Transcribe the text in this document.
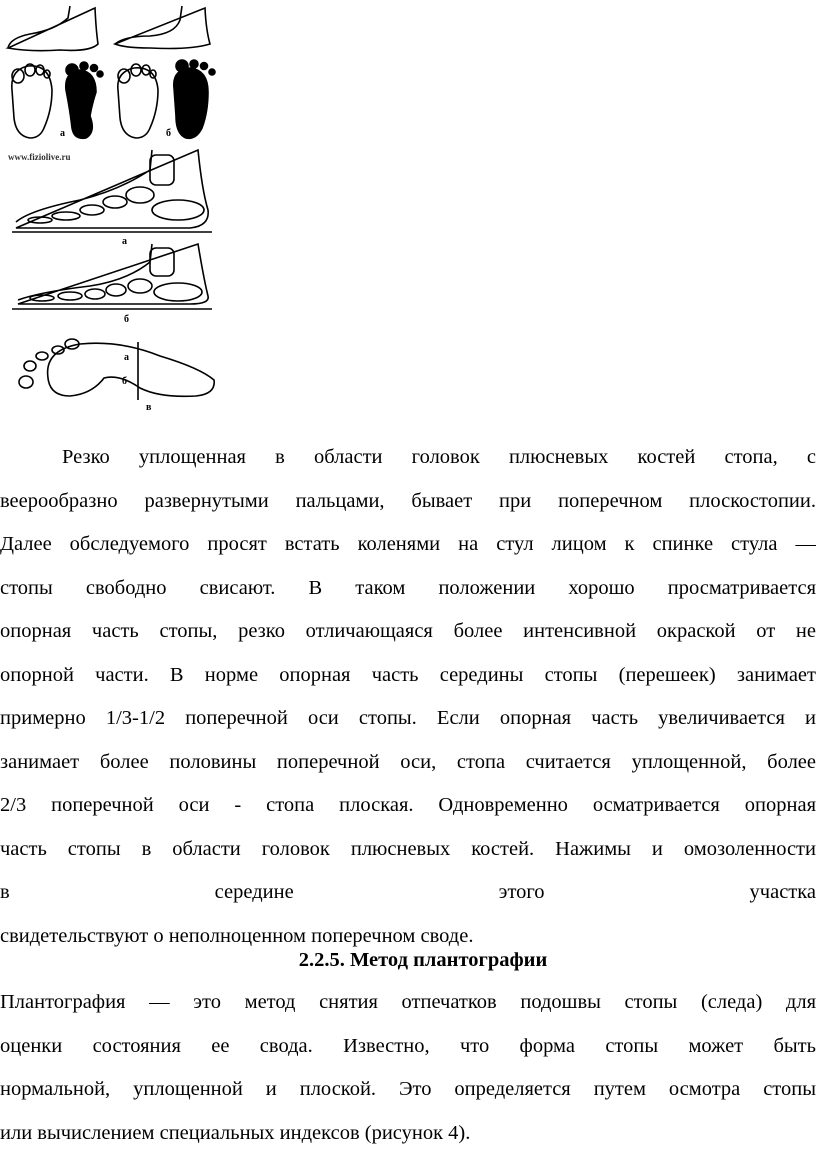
www.fiziolive.ru
а	б
а
б
а
б
в
Резко уплощенная в области головок плюсневых костей стопа, с
веерообразно развернутыми пальцами, бывает при поперечном плоскостопии.
Далее обследуемого просят встать коленями на стул лицом к спинке стула —
стопы свободно свисают. В таком положении хорошо просматривается
опорная часть стопы, резко отличающаяся более интенсивной окраской от не
опорной части. В норме опорная часть середины стопы (перешеек) занимает
примерно 1/3-1/2 поперечной оси стопы. Если опорная часть увеличивается и
занимает более половины поперечной оси, стопа считается уплощенной, более
2/3 поперечной оси - стопа плоская. Одновременно осматривается опорная
часть стопы в области головок плюсневых костей. Нажимы и омозоленности
в середине этого участка
свидетельствуют о неполноценном поперечном своде.
2.2.5. Метод плантографии
Плантография — это метод снятия отпечатков подошвы стопы (следа) для
оценки состояния ее свода. Известно, что форма стопы может быть
нормальной, уплощенной и плоской. Это определяется путем осмотра стопы
или вычислением специальных индексов (рисунок 4).
